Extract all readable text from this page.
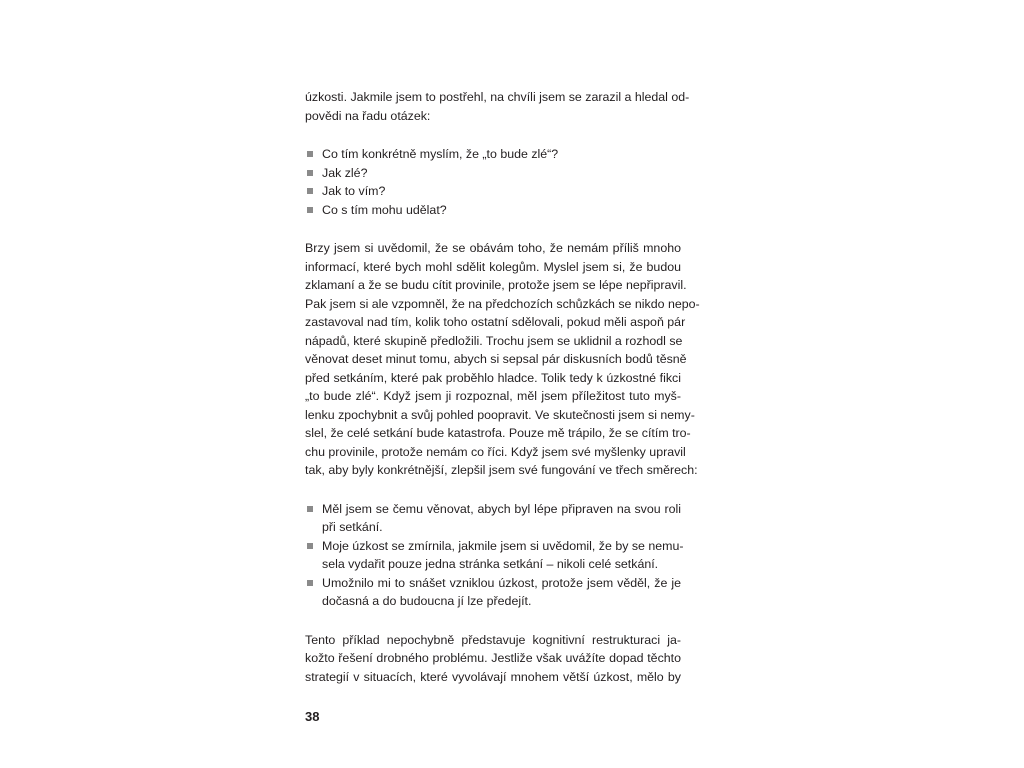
úzkosti. Jakmile jsem to postřehl, na chvíli jsem se zarazil a hledal od-
povědi na řadu otázek:
Co tím konkrétně myslím, že „to bude zlé“?
Jak zlé?
Jak to vím?
Co s tím mohu udělat?
Brzy jsem si uvědomil, že se obávám toho, že nemám příliš mnoho
informací, které bych mohl sdělit kolegům. Myslel jsem si, že budou
zklamaní a že se budu cítit provinile, protože jsem se lépe nepřipravil.
Pak jsem si ale vzpomněl, že na předchozích schůzkách se nikdo nepo-
zastavoval nad tím, kolik toho ostatní sdělovali, pokud měli aspoň pár
nápadů, které skupině předložili. Trochu jsem se uklidnil a rozhodl se
věnovat deset minut tomu, abych si sepsal pár diskusních bodů těsně
před setkáním, které pak proběhlo hladce. Tolik tedy k úzkostné fikci
„to bude zlé“. Když jsem ji rozpoznal, měl jsem příležitost tuto myš-
lenku zpochybnit a svůj pohled poopravit. Ve skutečnosti jsem si nemy-
slel, že celé setkání bude katastrofa. Pouze mě trápilo, že se cítím tro-
chu provinile, protože nemám co říci. Když jsem své myšlenky upravil
tak, aby byly konkrétnější, zlepšil jsem své fungování ve třech směrech:
Měl jsem se čemu věnovat, abych byl lépe připraven na svou roli
při setkání.
Moje úzkost se zmírnila, jakmile jsem si uvědomil, že by se nemu-
sela vydařit pouze jedna stránka setkání – nikoli celé setkání.
Umožnilo mi to snášet vzniklou úzkost, protože jsem věděl, že je
dočasná a do budoucna jí lze předejít.
Tento příklad nepochybně představuje kognitivní restrukturaci ja-
kožto řešení drobného problému. Jestliže však uvážíte dopad těchto
strategií v situacích, které vyvolávají mnohem větší úzkost, mělo by
38
